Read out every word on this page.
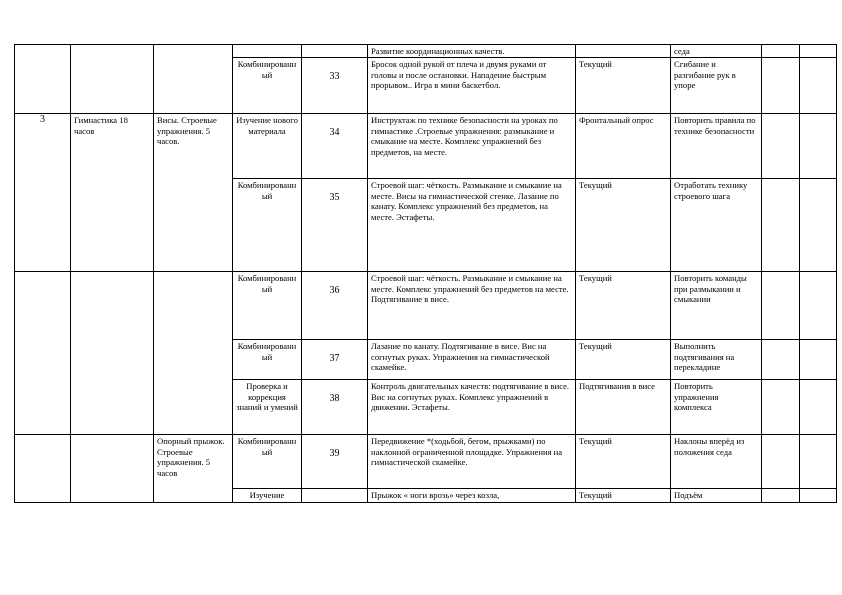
					Развитие координационных качеств.		седа		
			Комбинированный	33	Бросок одной рукой от плеча и двумя руками от головы и после остановки. Нападение быстрым прорывом.. Игра в мини баскетбол.	Текущий	Сгибание и разгибание рук в упоре		
3	Гимнастика 18 часов	Висы. Строевые упражнения. 5 часов.	Изучение нового материала	34	Инструктаж по технике безопасности на уроках по гимнастике .Строевые упражнения: размыкание и смыкание на месте. Комплекс упражнений без предметов, на месте.	Фронтальный опрос	Повторить правила по технике безопасности		
			Комбинированный	35	Строевой шаг: чёткость. Размыкание и смыкание на месте. Висы на гимнастической стенке. Лазание по канату. Комплекс упражнений без предметов, на месте. Эстафеты.	Текущий	Отработать технику строевого шага		
			Комбинированный	36	Строевой шаг: чёткость. Размыкание и смыкание на месте. Комплекс упражнений без предметов на месте. Подтягивание в висе.	Текущий	Повторить команды при размыкании и смыкании		
			Комбинированный	37	Лазание по канату. Подтягивание в висе. Вис на согнутых руках. Упражнения на гимнастической скамейке.	Текущий	Выполнить подтягивания на перекладине		
			Проверка и коррекция знаний и умений	38	Контроль двигательных качеств: подтягивание в висе. Вис на согнутых руках. Комплекс упражнений в движении. Эстафеты.	Подтягивания в висе	Повторить упражнения комплекса		
		Опорный прыжок. Строевые упражнения. 5 часов	Комбинированный	39	Передвижение *(ходьбой, бегом, прыжками) по наклонной ограниченной площадке. Упражнения на гимнастической скамейке.	Текущий	Наклоны вперёд из положения седа		
			Изучение		Прыжок « ноги врозь» через козла,	Текущий	Подъём		
